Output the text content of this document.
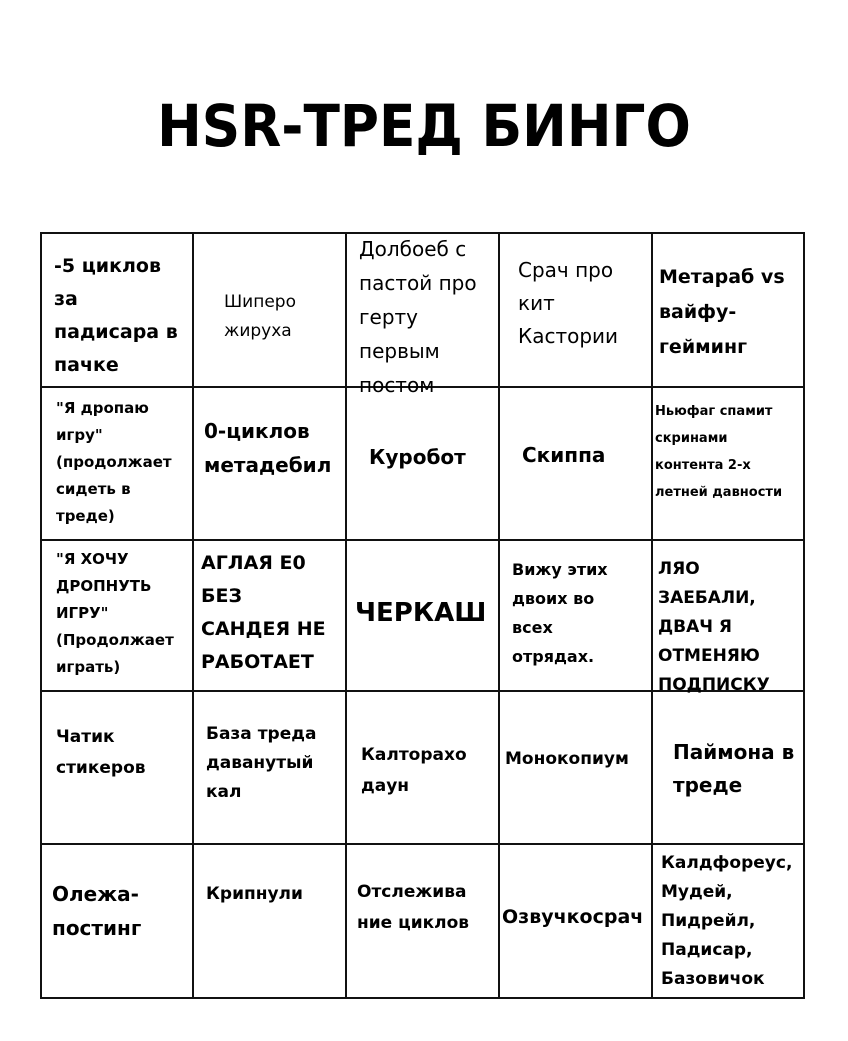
HSR-ТРЕД БИНГО
-5 циклов
за
падисара в
пачке
Шиперо
жируха
Долбоеб с
пастой про
герту
первым
постом
Срач про
кит
Кастории
Метараб vs
вайфу-
гейминг
"Я дропаю
игру"
(продолжает
сидеть в
треде)
0-циклов
метадебил Куробот	Скиппа
Ньюфаг спамит
скринами
контента 2-х
летней давности
"Я ХОЧУ
ДРОПНУТЬ
ИГРУ"
(Продолжает
играть)
АГЛАЯ Е0
БЕЗ
САНДЕЯ НЕ
РАБОТАЕТ
ЧЕРКАШ
Вижу этих
двоих во
всех
отрядах.
ЛЯО ЗАЕБАЛИ,
ДВАЧ Я
ОТМЕНЯЮ
ПОДПИСКУ
Чатик
стикеров
База треда
даванутый
кал
Калторахо
даун
Монокопиум Паймона в
треде
Олежа-
постинг
Крипнули	Отслежива
ние циклов Озвучкосрач
Калдфореус,
Мудей,
Пидрейл,
Падисар,
Базовичок
